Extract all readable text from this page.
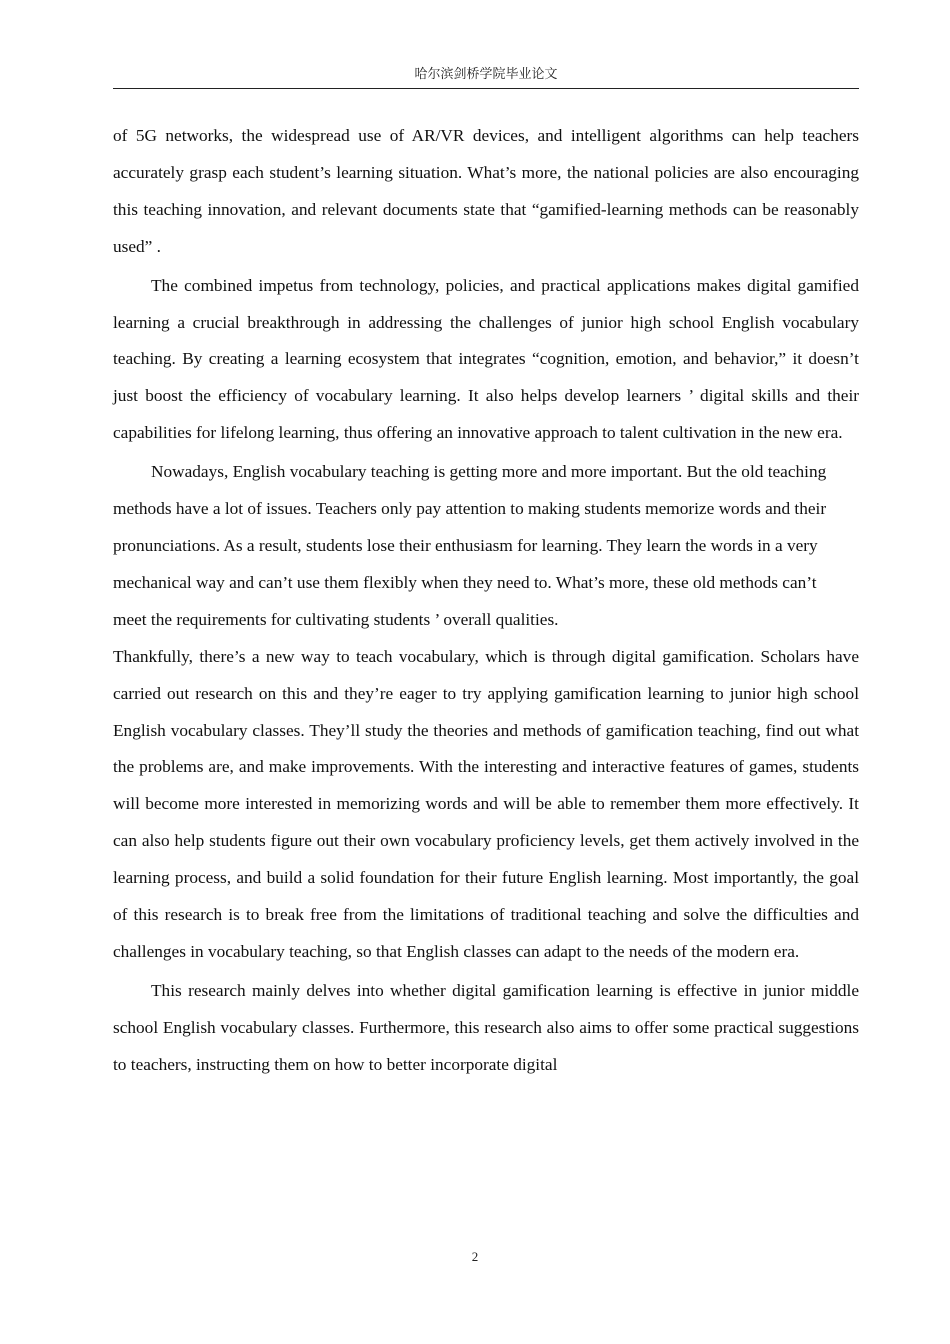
哈尔滨剑桥学院毕业论文

of 5G networks, the widespread use of AR/VR devices, and intelligent algorithms can help teachers accurately grasp each student’s learning situation. What’s more, the national policies are also encouraging this teaching innovation, and relevant documents state that “gamified-learning methods can be reasonably used” .

The combined impetus from technology, policies, and practical applications makes digital gamified learning a crucial breakthrough in addressing the challenges of junior high school English vocabulary teaching. By creating a learning ecosystem that integrates “cognition, emotion, and behavior,” it doesn’t just boost the efficiency of vocabulary learning. It also helps develop learners ’ digital skills and their capabilities for lifelong learning, thus offering an innovative approach to talent cultivation in the new era.

Nowadays, English vocabulary teaching is getting more and more important. But the old teaching methods have a lot of issues. Teachers only pay attention to making students memorize words and their pronunciations. As a result, students lose their enthusiasm for learning. They learn the words in a very mechanical way and can’t use them flexibly when they need to. What’s more, these old methods can’t meet the requirements for cultivating students ’ overall qualities.

Thankfully, there’s a new way to teach vocabulary, which is through digital gamification. Scholars have carried out research on this and they’re eager to try applying gamification learning to junior high school English vocabulary classes. They’ll study the theories and methods of gamification teaching, find out what the problems are, and make improvements. With the interesting and interactive features of games, students will become more interested in memorizing words and will be able to remember them more effectively. It can also help students figure out their own vocabulary proficiency levels, get them actively involved in the learning process, and build a solid foundation for their future English learning. Most importantly, the goal of this research is to break free from the limitations of traditional teaching and solve the difficulties and challenges in vocabulary teaching, so that English classes can adapt to the needs of the modern era.

This research mainly delves into whether digital gamification learning is effective in junior middle school English vocabulary classes. Furthermore, this research also aims to offer some practical suggestions to teachers, instructing them on how to better incorporate digital

2
